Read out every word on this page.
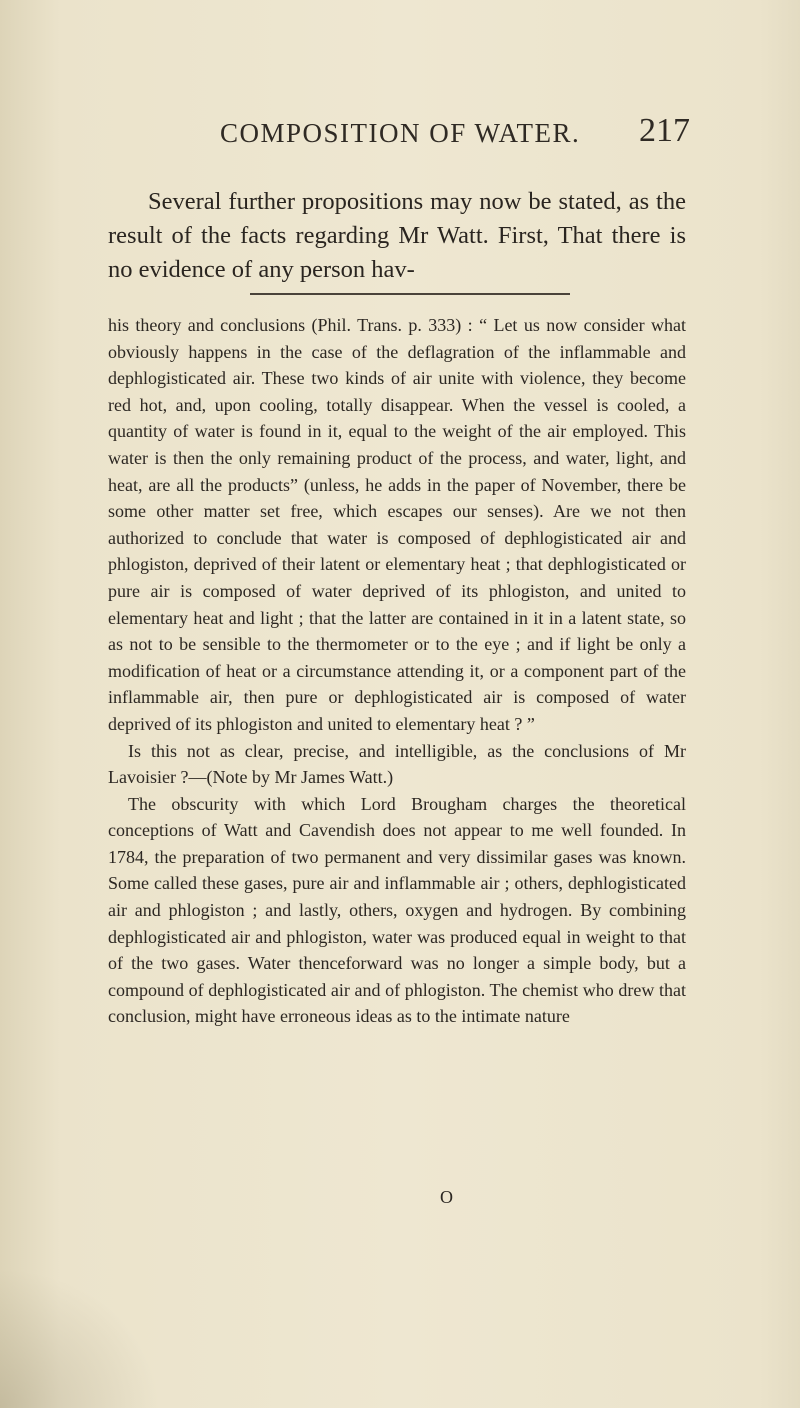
COMPOSITION OF WATER. 217

Several further propositions may now be stated, as the result of the facts regarding Mr Watt. First, That there is no evidence of any person hav-

his theory and conclusions (Phil. Trans. p. 333) : “ Let us now consider what obviously happens in the case of the deflagration of the inflammable and dephlogisticated air. These two kinds of air unite with violence, they become red hot, and, upon cooling, totally disappear. When the vessel is cooled, a quantity of water is found in it, equal to the weight of the air employed. This water is then the only remaining product of the process, and water, light, and heat, are all the products” (unless, he adds in the paper of November, there be some other matter set free, which escapes our senses). Are we not then authorized to conclude that water is composed of dephlogisticated air and phlogiston, deprived of their latent or elementary heat ; that dephlogisticated or pure air is composed of water deprived of its phlogiston, and united to elementary heat and light ; that the latter are contained in it in a latent state, so as not to be sensible to the thermometer or to the eye ; and if light be only a modification of heat or a circumstance attending it, or a component part of the inflammable air, then pure or dephlogisticated air is composed of water deprived of its phlogiston and united to elementary heat ? ”

Is this not as clear, precise, and intelligible, as the conclusions of Mr Lavoisier ?—(Note by Mr James Watt.)

The obscurity with which Lord Brougham charges the theoretical conceptions of Watt and Cavendish does not appear to me well founded. In 1784, the preparation of two permanent and very dissimilar gases was known. Some called these gases, pure air and inflammable air ; others, dephlogisticated air and phlogiston ; and lastly, others, oxygen and hydrogen. By combining dephlogisticated air and phlogiston, water was produced equal in weight to that of the two gases. Water thenceforward was no longer a simple body, but a compound of dephlogisticated air and of phlogiston. The chemist who drew that conclusion, might have erroneous ideas as to the intimate nature

O
